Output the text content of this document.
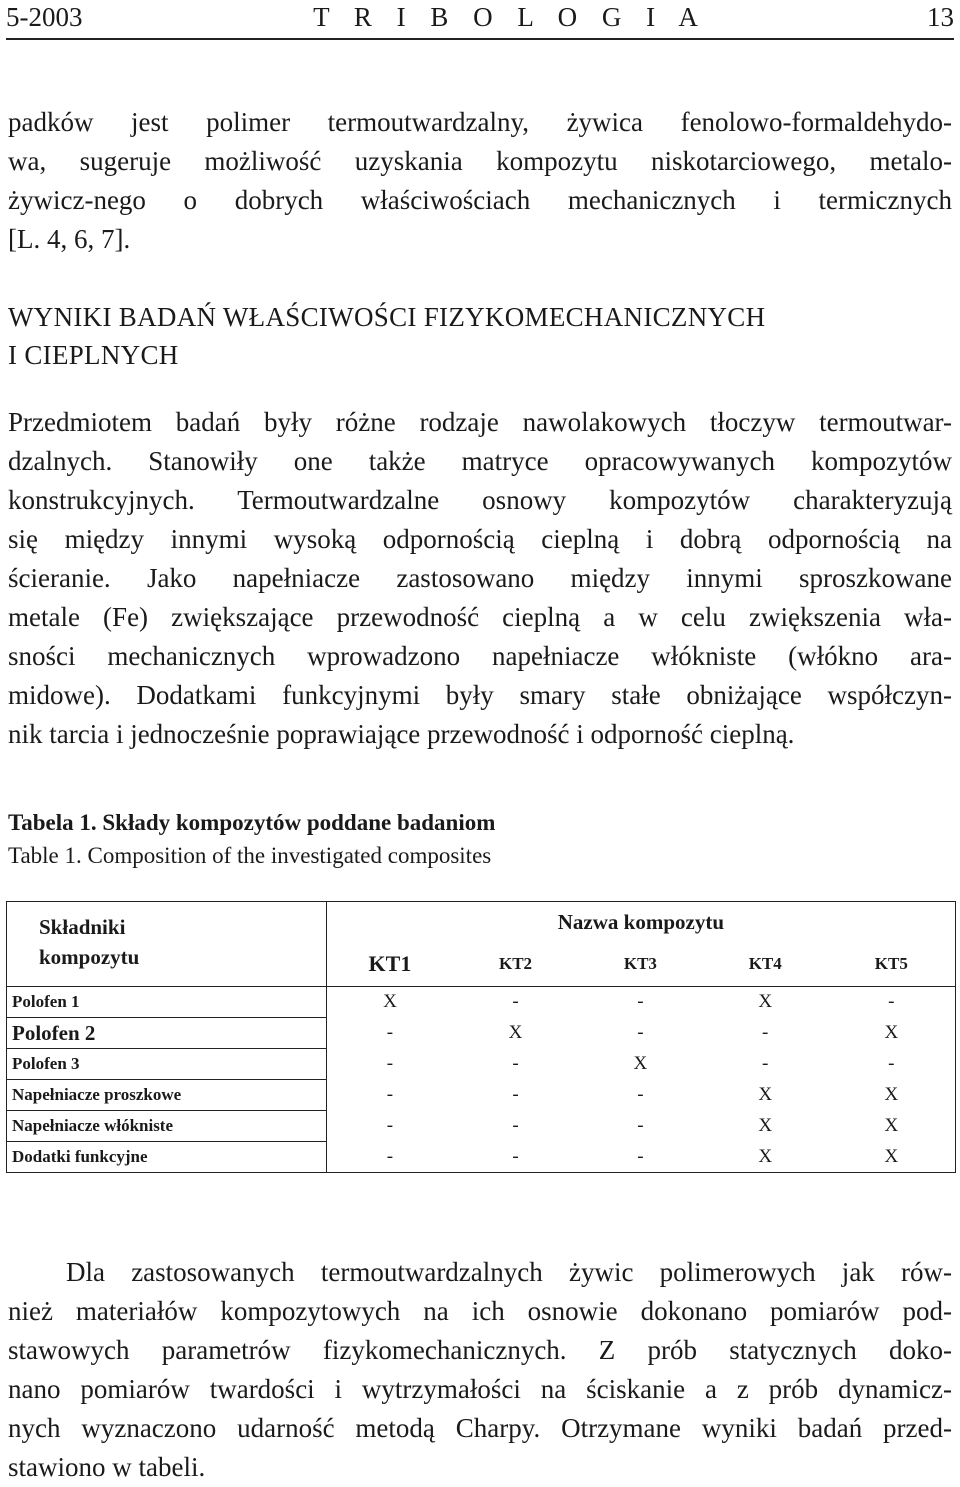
5-2003	T R I B O L O G I A	13
padków jest polimer termoutwardzalny, żywica fenolowo-formaldehydo-
wa, sugeruje możliwość uzyskania kompozytu niskotarciowego, metalo-
żywicz-nego o dobrych właściwościach mechanicznych i termicznych
[L. 4, 6, 7].
WYNIKI BADAŃ WŁAŚCIWOŚCI FIZYKOMECHANICZNYCH
I CIEPLNYCH
Przedmiotem badań były różne rodzaje nawolakowych tłoczyw termoutwar-
dzalnych. Stanowiły one także matryce opracowywanych kompozytów
konstrukcyjnych. Termoutwardzalne osnowy kompozytów charakteryzują
się między innymi wysoką odpornością cieplną i dobrą odpornością na
ścieranie. Jako napełniacze zastosowano między innymi sproszkowane
metale (Fe) zwiększające przewodność cieplną a w celu zwiększenia wła-
sności mechanicznych wprowadzono napełniacze włókniste (włókno ara-
midowe). Dodatkami funkcyjnymi były smary stałe obniżające współczyn-
nik tarcia i jednocześnie poprawiające przewodność i odporność cieplną.
Tabela 1. Składy kompozytów poddane badaniom
Table 1. Composition of the investigated composites
Składniki kompozytu	Nazwa kompozytu				
	KT1	KT2	KT3	KT4	KT5
Polofen 1	X	-	-	X	-
Polofen 2	-	X	-	-	X
Polofen 3	-	-	X	-	-
Napełniacze proszkowe	-	-	-	X	X
Napełniacze włókniste	-	-	-	X	X
Dodatki funkcyjne	-	-	-	X	X
Dla zastosowanych termoutwardzalnych żywic polimerowych jak rów-
nież materiałów kompozytowych na ich osnowie dokonano pomiarów pod-
stawowych parametrów fizykomechanicznych. Z prób statycznych doko-
nano pomiarów twardości i wytrzymałości na ściskanie a z prób dynamicz-
nych wyznaczono udarność metodą Charpy. Otrzymane wyniki badań przed-
stawiono w tabeli.
